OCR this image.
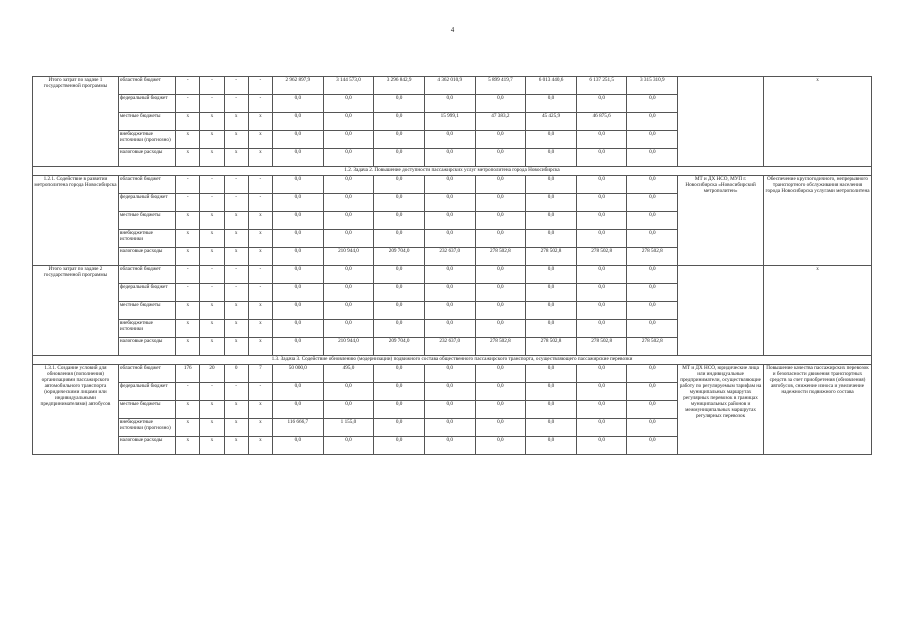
4
Итого затрат по задаче 1 государственной программы	областной бюджет	-	-	-	-	2 962 897,9	3 144 573,0	3 296 842,9	4 362 010,9	5 899 419,7	6 013 440,6	6 137 251,5	3 315 310,9		x
	федеральный бюджет	-	-	-	-	0,0	0,0	0,0	0,0	0,0	0,0	0,0	0,0		
	местные бюджеты	x	x	x	x	0,0	0,0	0,0	15 999,1	47 383,2	45 425,9	46 875,6	0,0		
	внебюджетные источники (прогнозно)	x	x	x	x	0,0	0,0	0,0	0,0	0,0	0,0	0,0	0,0		
	налоговые расходы	x	x	x	x	0,0	0,0	0,0	0,0	0,0	0,0	0,0	0,0		
1.2. Задача 2. Повышение доступности пассажирских услуг метрополитена города Новосибирска															
1.2.1. Содействие в развитии метрополитена города Новосибирска	областной бюджет	-	-	-	-	0,0	0,0	0,0	0,0	0,0	0,0	0,0	0,0	МТ и ДХ НСО, МУП г. Новосибирска «Новосибирский метрополитен»	Обеспечение круглогодичного, непрерывного транспортного обслуживания населения города Новосибирска услугами метрополитена
	федеральный бюджет	-	-	-	-	0,0	0,0	0,0	0,0	0,0	0,0	0,0	0,0		
	местные бюджеты	x	x	x	x	0,0	0,0	0,0	0,0	0,0	0,0	0,0	0,0		
	внебюджетные источники	x	x	x	x	0,0	0,0	0,0	0,0	0,0	0,0	0,0	0,0		
	налоговые расходы	x	x	x	x	0,0	210 944,0	209 704,0	232 637,0	278 502,8	278 502,8	278 502,8	278 502,8		
Итого затрат по задаче 2 государственной программы	областной бюджет	-	-	-	-	0,0	0,0	0,0	0,0	0,0	0,0	0,0	0,0		x
	федеральный бюджет	-	-	-	-	0,0	0,0	0,0	0,0	0,0	0,0	0,0	0,0		
	местные бюджеты	x	x	x	x	0,0	0,0	0,0	0,0	0,0	0,0	0,0	0,0		
	внебюджетные источники	x	x	x	x	0,0	0,0	0,0	0,0	0,0	0,0	0,0	0,0		
	налоговые расходы	x	x	x	x	0,0	210 944,0	209 704,0	232 637,0	278 502,8	278 502,8	278 502,8	278 502,8		
1.3. Задача 3. Содействие обновлению (модернизации) подвижного состава общественного пассажирского транспорта, осуществляющего пассажирские перевозки															
1.3.1. Создание условий для обновления (пополнения) организациями пассажирского автомобильного транспорта (юридическими лицами или индивидуальными предпринимателями) автобусов	областной бюджет	176	20	0	7	50 000,0	495,0	0,0	0,0	0,0	0,0	0,0	0,0	МТ и ДХ НСО, юридические лица или индивидуальные предприниматели, осуществляющие работу по регулируемым тарифам на муниципальных маршрутах регулярных перевозок в границах муниципальных районов и межмуниципальных маршрутах регулярных перевозок	Повышение качества пассажирских перевозок и безопасности движения транспортных средств за счет приобретения (обновления) автобусов, снижение износа и увеличение надежности подвижного состава
	федеральный бюджет	-	-	-	-	0,0	0,0	0,0	0,0	0,0	0,0	0,0	0,0		
	местные бюджеты	x	x	x	x	0,0	0,0	0,0	0,0	0,0	0,0	0,0	0,0		
	внебюджетные источники (прогнозно)	x	x	x	x	116 666,7	1 155,0	0,0	0,0	0,0	0,0	0,0	0,0		
	налоговые расходы	x	x	x	x	0,0	0,0	0,0	0,0	0,0	0,0	0,0	0,0		
